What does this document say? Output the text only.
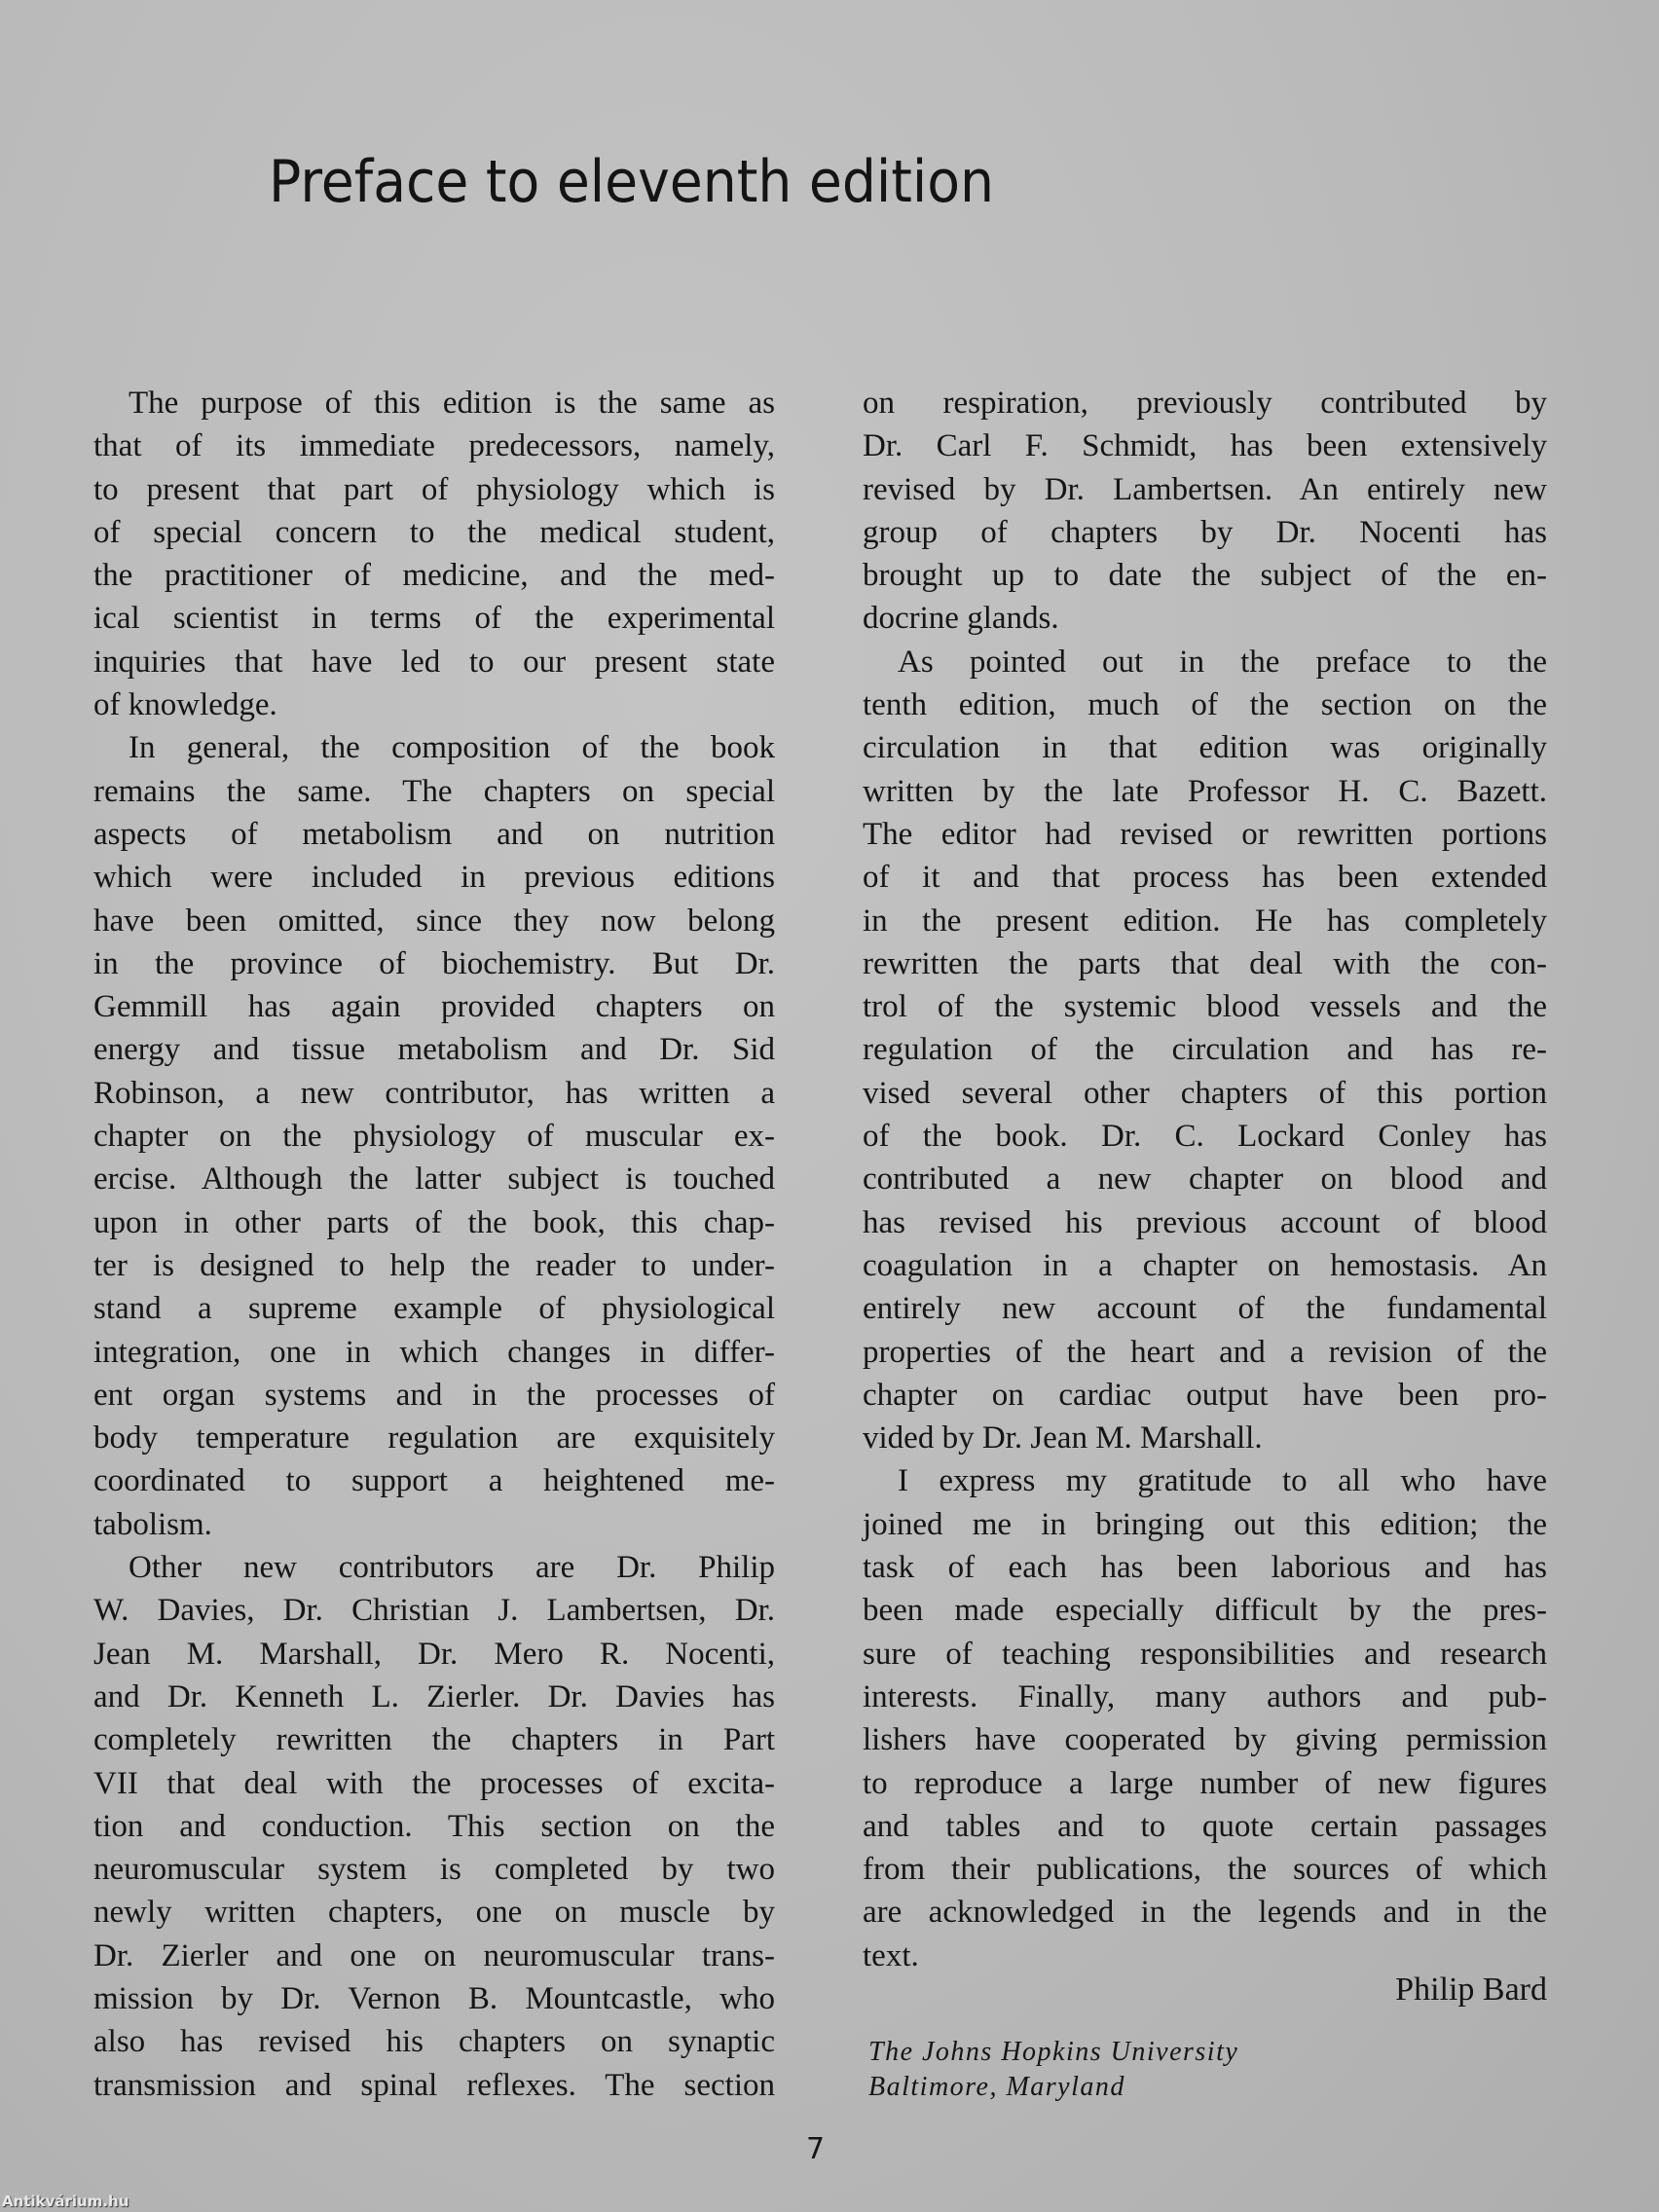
Preface to eleventh edition
The purpose of this edition is the same as
that of its immediate predecessors, namely,
to present that part of physiology which is
of special concern to the medical student,
the practitioner of medicine, and the med-
ical scientist in terms of the experimental
inquiries that have led to our present state
of knowledge.
In general, the composition of the book
remains the same. The chapters on special
aspects of metabolism and on nutrition
which were included in previous editions
have been omitted, since they now belong
in the province of biochemistry. But Dr.
Gemmill has again provided chapters on
energy and tissue metabolism and Dr. Sid
Robinson, a new contributor, has written a
chapter on the physiology of muscular ex-
ercise. Although the latter subject is touched
upon in other parts of the book, this chap-
ter is designed to help the reader to under-
stand a supreme example of physiological
integration, one in which changes in differ-
ent organ systems and in the processes of
body temperature regulation are exquisitely
coordinated to support a heightened me-
tabolism.
Other new contributors are Dr. Philip
W. Davies, Dr. Christian J. Lambertsen, Dr.
Jean M. Marshall, Dr. Mero R. Nocenti,
and Dr. Kenneth L. Zierler. Dr. Davies has
completely rewritten the chapters in Part
VII that deal with the processes of excita-
tion and conduction. This section on the
neuromuscular system is completed by two
newly written chapters, one on muscle by
Dr. Zierler and one on neuromuscular trans-
mission by Dr. Vernon B. Mountcastle, who
also has revised his chapters on synaptic
transmission and spinal reflexes. The section
on respiration, previously contributed by
Dr. Carl F. Schmidt, has been extensively
revised by Dr. Lambertsen. An entirely new
group of chapters by Dr. Nocenti has
brought up to date the subject of the en-
docrine glands.
As pointed out in the preface to the
tenth edition, much of the section on the
circulation in that edition was originally
written by the late Professor H. C. Bazett.
The editor had revised or rewritten portions
of it and that process has been extended
in the present edition. He has completely
rewritten the parts that deal with the con-
trol of the systemic blood vessels and the
regulation of the circulation and has re-
vised several other chapters of this portion
of the book. Dr. C. Lockard Conley has
contributed a new chapter on blood and
has revised his previous account of blood
coagulation in a chapter on hemostasis. An
entirely new account of the fundamental
properties of the heart and a revision of the
chapter on cardiac output have been pro-
vided by Dr. Jean M. Marshall.
I express my gratitude to all who have
joined me in bringing out this edition; the
task of each has been laborious and has
been made especially difficult by the pres-
sure of teaching responsibilities and research
interests. Finally, many authors and pub-
lishers have cooperated by giving permission
to reproduce a large number of new figures
and tables and to quote certain passages
from their publications, the sources of which
are acknowledged in the legends and in the
text.
Philip Bard
The Johns Hopkins University
Baltimore, Maryland
7
Antikvárium.hu
